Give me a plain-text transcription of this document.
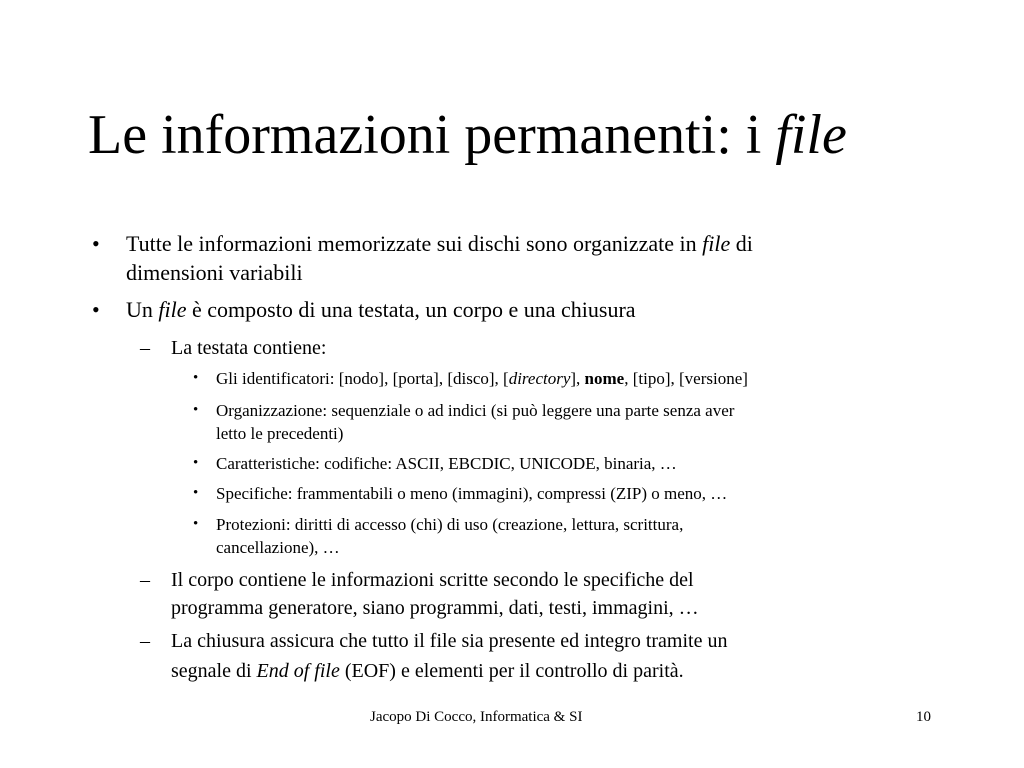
Le informazioni permanenti: i file
• Tutte le informazioni memorizzate sui dischi sono organizzate in file di
dimensioni variabili
• Un file è composto di una testata, un corpo e una chiusura
– La testata contiene:
• Gli identificatori: [nodo], [porta], [disco], [directory], nome, [tipo], [versione]
• Organizzazione: sequenziale o ad indici (si può leggere una parte senza aver
letto le precedenti)
• Caratteristiche: codifiche: ASCII, EBCDIC, UNICODE, binaria, …
• Specifiche: frammentabili o meno (immagini), compressi (ZIP) o meno, …
• Protezioni: diritti di accesso (chi) di uso (creazione, lettura, scrittura,
cancellazione), …
– Il corpo contiene le informazioni scritte secondo le specifiche del
programma generatore, siano programmi, dati, testi, immagini, …
– La chiusura assicura che tutto il file sia presente ed integro tramite un
segnale di End of file (EOF) e elementi per il controllo di parità.
Jacopo Di Cocco, Informatica & SI	10
